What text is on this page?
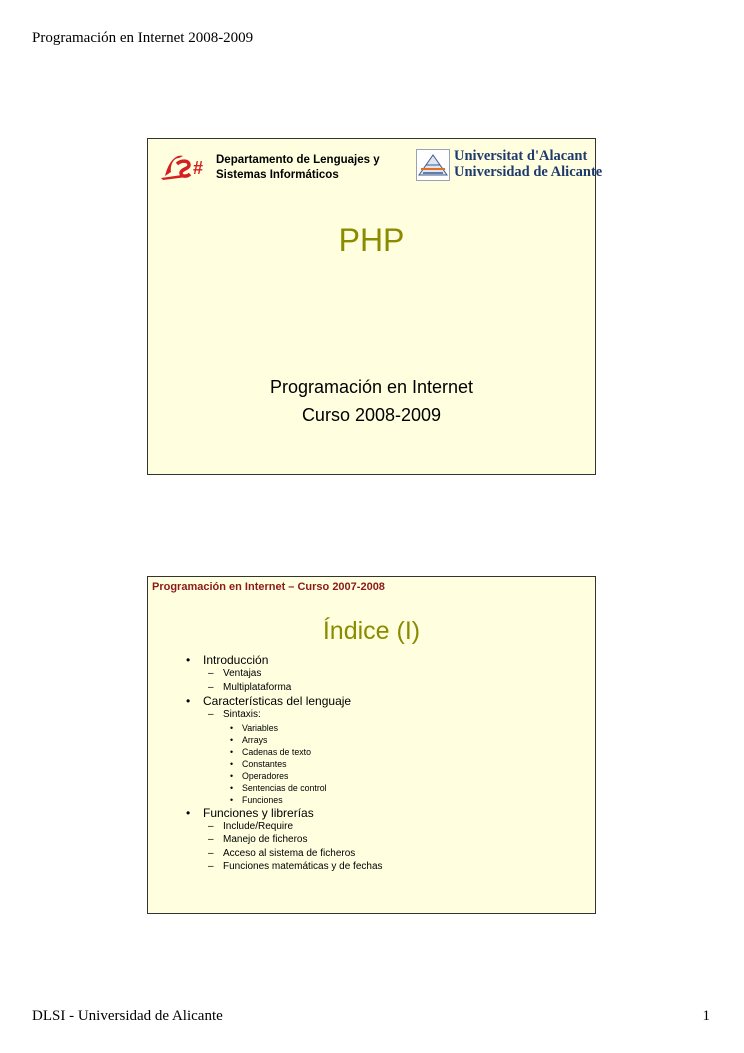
Programación en Internet 2008-2009
# Departamento de Lenguajes y
Sistemas Informáticos
Universitat d'Alacant
Universidad de Alicante
PHP
Programación en Internet
Curso 2008-2009
Programación en Internet – Curso 2007-2008
Índice (I)
• Introducción
– Ventajas
– Multiplataforma
• Características del lenguaje
– Sintaxis:
• Variables
• Arrays
• Cadenas de texto
• Constantes
• Operadores
• Sentencias de control
• Funciones
• Funciones y librerías
– Include/Require
– Manejo de ficheros
– Acceso al sistema de ficheros
– Funciones matemáticas y de fechas
DLSI - Universidad de Alicante	1
